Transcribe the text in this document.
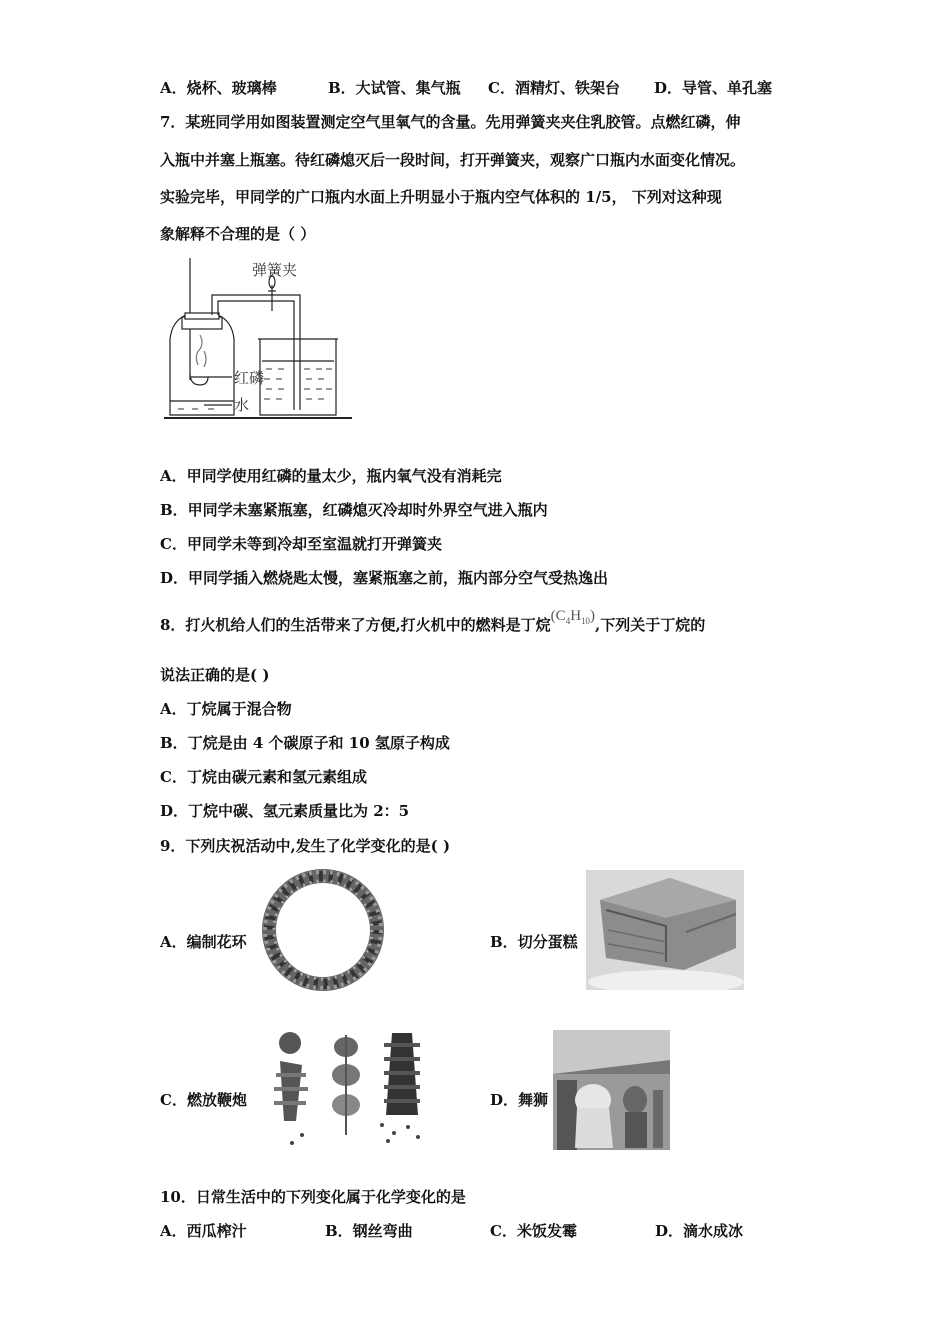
A．烧杯、玻璃棒	B．大试管、集气瓶 C．酒精灯、铁架台 D．导管、单孔塞
7．某班同学用如图装置测定空气里氧气的含量。先用弹簧夹夹住乳胶管。点燃红磷，伸
入瓶中并塞上瓶塞。待红磷熄灭后一段时间，打开弹簧夹，观察广口瓶内水面变化情况。
实验完毕，甲同学的广口瓶内水面上升明显小于瓶内空气体积的 1/5， 下列对这种现
象解释不合理的是（ ）
弹簧夹
红磷
水
A．甲同学使用红磷的量太少，瓶内氧气没有消耗完
B．甲同学未塞紧瓶塞，红磷熄灭冷却时外界空气进入瓶内
C．甲同学未等到冷却至室温就打开弹簧夹
D．甲同学插入燃烧匙太慢，塞紧瓶塞之前，瓶内部分空气受热逸出
8．打火机给人们的生活带来了方便,打火机中的燃料是丁烷$(C_4H_{10})$,下列关于丁烷的
说法正确的是( )
A．丁烷属于混合物
B．丁烷是由 4 个碳原子和 10 氢原子构成
C．丁烷由碳元素和氢元素组成
D．丁烷中碳、氢元素质量比为 2：5
9．下列庆祝活动中,发生了化学变化的是( )
A．编制花环	B．切分蛋糕
C．燃放鞭炮	D．舞狮
10．日常生活中的下列变化属于化学变化的是
A．西瓜榨汁	B．钢丝弯曲	C．米饭发霉	D．滴水成冰
